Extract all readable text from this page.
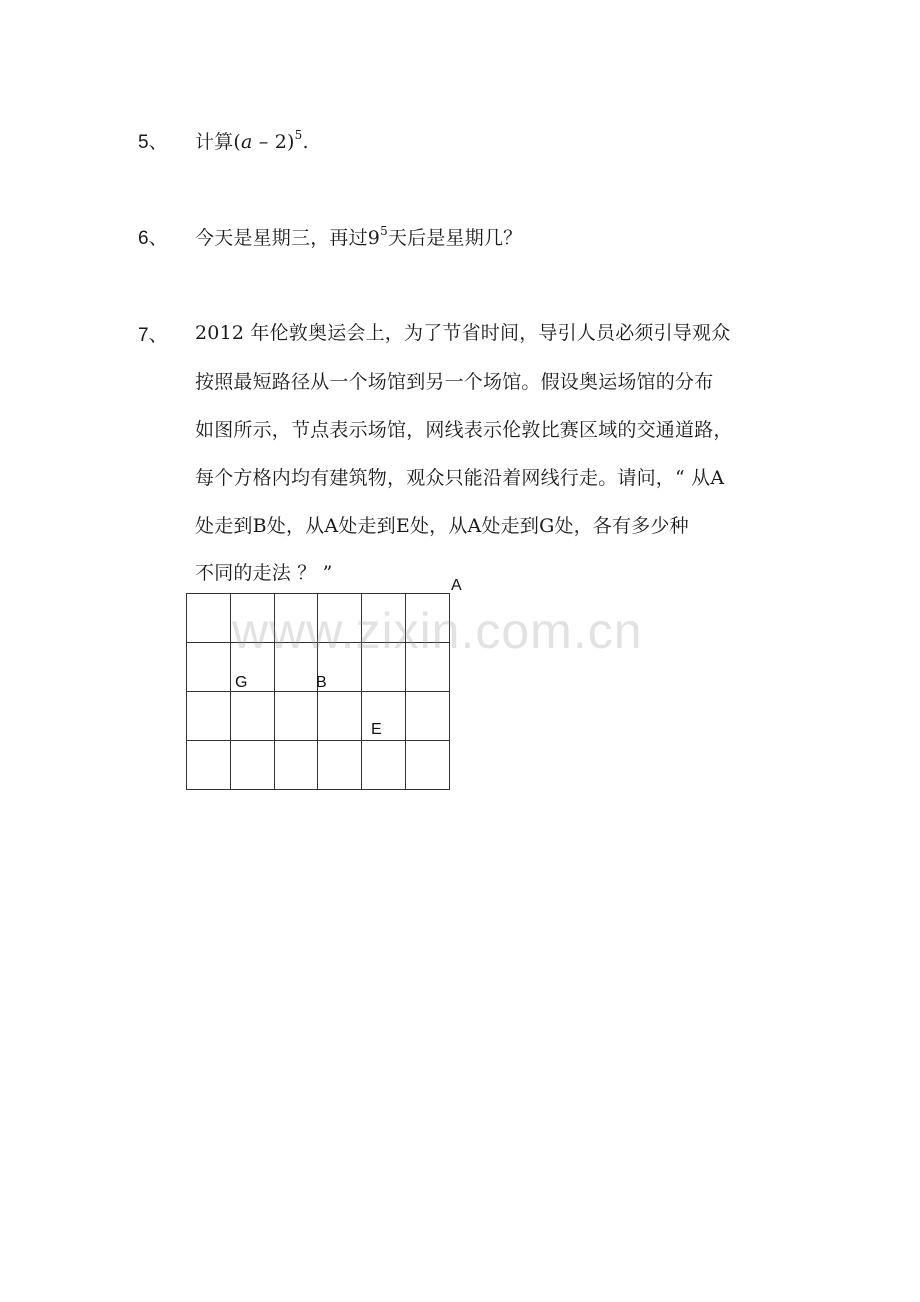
5、 计算(a – 2)$^5$.
6、 今天是星期三，再过$9^5$天后是星期几？
7、 2012 年伦敦奥运会上，为了节省时间，导引人员必须引导观众
按照最短路径从一个场馆到另一个场馆。假设奥运场馆的分布
如图所示，节点表示场馆，网线表示伦敦比赛区域的交通道路，
每个方格内均有建筑物，观众只能沿着网线行走。请问，“ 从A
处走到B处，从A处走到E处，从A处走到G处，各有多少种
不同的走法 ？ ”

A
G	B
E
www.zixin.com.cn
